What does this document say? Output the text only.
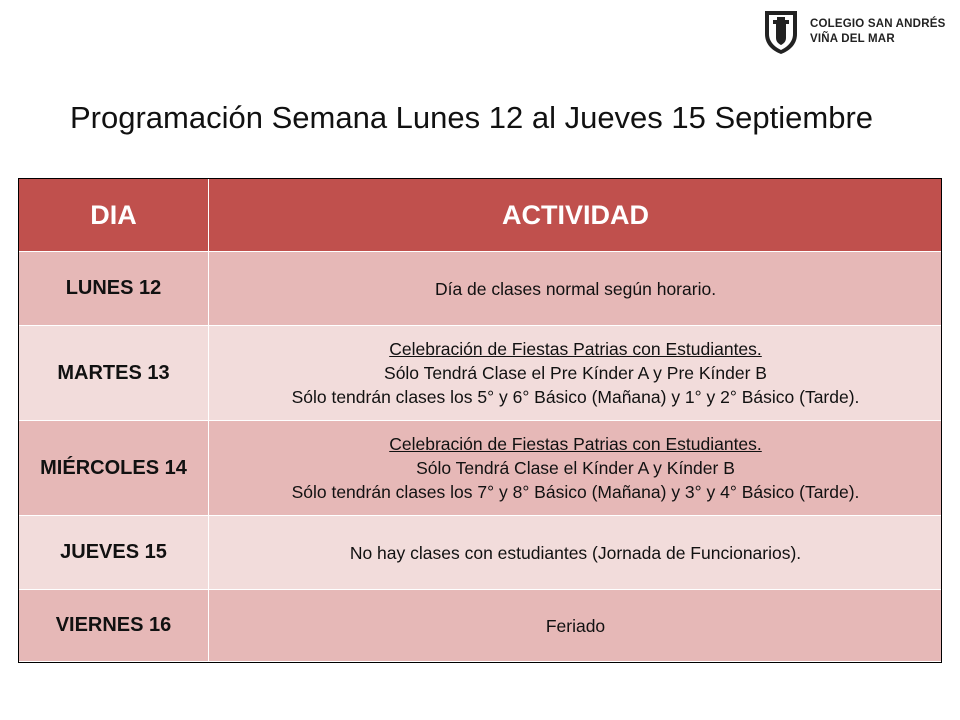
COLEGIO SAN ANDRÉS
VIÑA DEL MAR
Programación Semana Lunes 12 al Jueves 15 Septiembre
DIA	ACTIVIDAD
LUNES 12	Día de clases normal según horario.

MARTES 13	Celebración de Fiestas Patrias con Estudiantes.
Sólo Tendrá Clase el Pre Kínder A y Pre Kínder B
Sólo tendrán clases los 5° y 6° Básico (Mañana) y 1° y 2° Básico (Tarde).

MIÉRCOLES 14	Celebración de Fiestas Patrias con Estudiantes.
Sólo Tendrá Clase el Kínder A y Kínder B
Sólo tendrán clases los 7° y 8° Básico (Mañana) y 3° y 4° Básico (Tarde).

JUEVES 15	No hay clases con estudiantes (Jornada de Funcionarios).

VIERNES 16	Feriado
